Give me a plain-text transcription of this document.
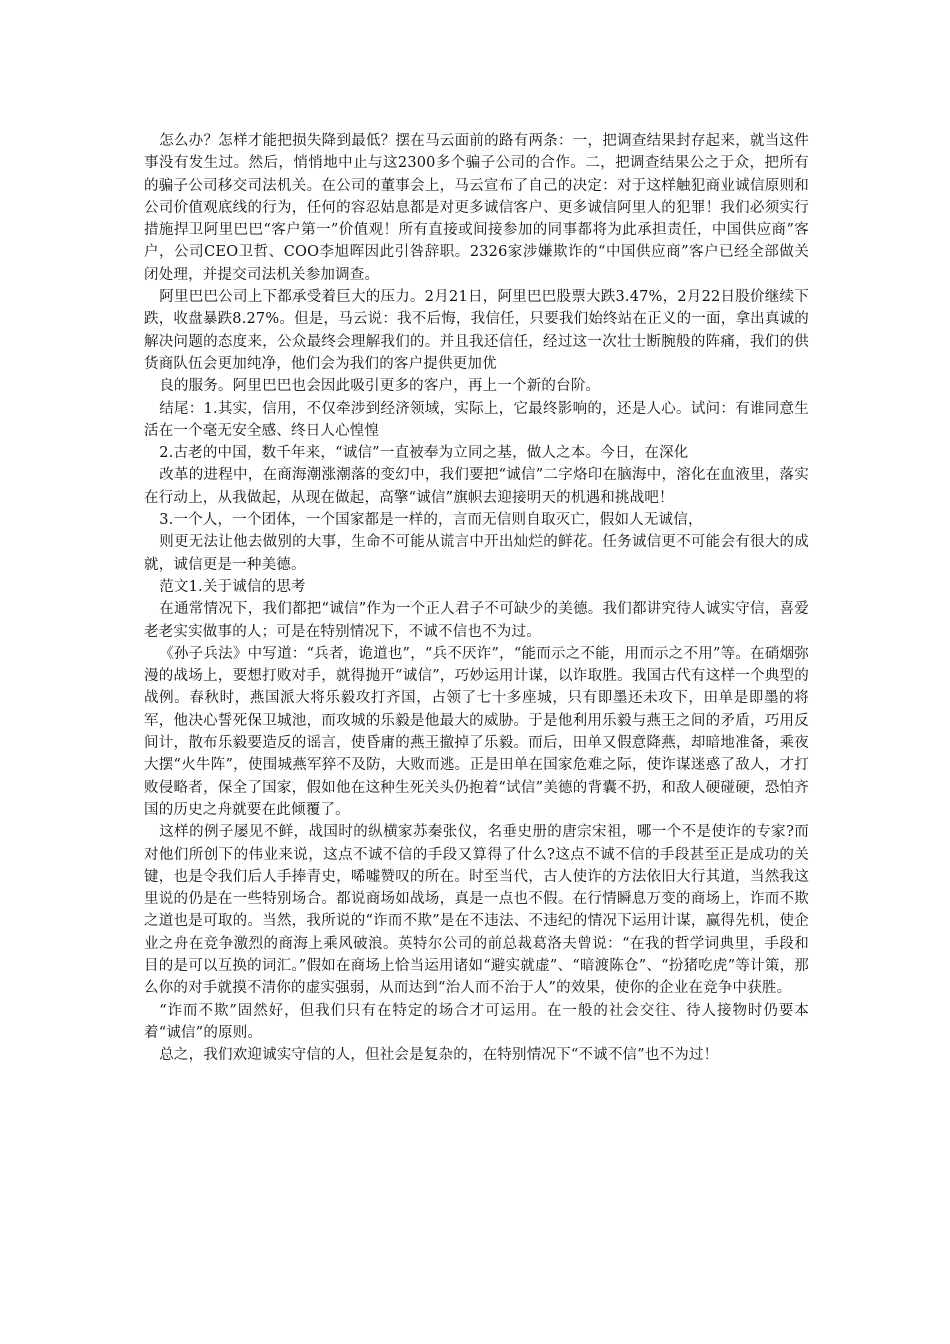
怎么办？怎样才能把损失降到最低？摆在马云面前的路有两条：一，把调查结果封存起来，就当这件事没有发生过。然后，悄悄地中止与这2300多个骗子公司的合作。二，把调查结果公之于众，把所有的骗子公司移交司法机关。在公司的董事会上，马云宣布了自己的决定：对于这样触犯商业诚信原则和公司价值观底线的行为，任何的容忍姑息都是对更多诚信客户、更多诚信阿里人的犯罪！我们必须实行措施捍卫阿里巴巴“客户第一”价值观！所有直接或间接参加的同事都将为此承担责任，中国供应商”客户，公司CEO卫哲、COO李旭晖因此引咎辞职。2326家涉嫌欺诈的“中国供应商”客户已经全部做关闭处理，并提交司法机关参加调查。

阿里巴巴公司上下都承受着巨大的压力。2月21日，阿里巴巴股票大跌3.47%，2月22日股价继续下跌，收盘暴跌8.27%。但是，马云说：我不后悔，我信任，只要我们始终站在正义的一面，拿出真诚的解决问题的态度来，公众最终会理解我们的。并且我还信任，经过这一次壮士断腕般的阵痛，我们的供货商队伍会更加纯净，他们会为我们的客户提供更加优

良的服务。阿里巴巴也会因此吸引更多的客户，再上一个新的台阶。

结尾：1.其实，信用，不仅牵涉到经济领域，实际上，它最终影响的，还是人心。试问：有谁同意生活在一个毫无安全感、终日人心惶惶

2.古老的中国，数千年来，“诚信”一直被奉为立同之基，做人之本。今日，在深化

改革的进程中，在商海潮涨潮落的变幻中，我们要把“诚信”二字烙印在脑海中，溶化在血液里，落实在行动上，从我做起，从现在做起，高擎“诚信”旗帜去迎接明天的机遇和挑战吧！

3.一个人，一个团体，一个国家都是一样的，言而无信则自取灭亡，假如人无诚信，

则更无法让他去做别的大事，生命不可能从谎言中开出灿烂的鲜花。任务诚信更不可能会有很大的成就，诚信更是一种美德。

范文1.关于诚信的思考

在通常情况下，我们都把“诚信”作为一个正人君子不可缺少的美德。我们都讲究待人诚实守信，喜爱老老实实做事的人；可是在特别情况下，不诚不信也不为过。

《孙子兵法》中写道：“兵者，诡道也”，“兵不厌诈”，“能而示之不能，用而示之不用”等。在硝烟弥漫的战场上，要想打败对手，就得抛开“诚信”，巧妙运用计谋，以诈取胜。我国古代有这样一个典型的战例。春秋时，燕国派大将乐毅攻打齐国，占领了七十多座城，只有即墨还未攻下，田单是即墨的将军，他决心誓死保卫城池，而攻城的乐毅是他最大的威胁。于是他利用乐毅与燕王之间的矛盾，巧用反间计，散布乐毅要造反的谣言，使昏庸的燕王撤掉了乐毅。而后，田单又假意降燕，却暗地准备，乘夜大摆“火牛阵”，使围城燕军猝不及防，大败而逃。正是田单在国家危难之际，使诈谋迷惑了敌人，才打败侵略者，保全了国家，假如他在这种生死关头仍抱着“试信”美德的背囊不扔，和敌人硬碰硬，恐怕齐国的历史之舟就要在此倾覆了。

这样的例子屡见不鲜，战国时的纵横家苏秦张仪，名垂史册的唐宗宋祖，哪一个不是使诈的专家?而对他们所创下的伟业来说，这点不诚不信的手段又算得了什么?这点不诚不信的手段甚至正是成功的关键，也是令我们后人手捧青史，唏嘘赞叹的所在。时至当代，古人使诈的方法依旧大行其道，当然我这里说的仍是在一些特别场合。都说商场如战场，真是一点也不假。在行情瞬息万变的商场上，诈而不欺之道也是可取的。当然，我所说的“诈而不欺”是在不违法、不违纪的情况下运用计谋，赢得先机，使企业之舟在竞争激烈的商海上乘风破浪。英特尔公司的前总裁葛洛夫曾说：“在我的哲学词典里，手段和目的是可以互换的词汇。”假如在商场上恰当运用诸如“避实就虚”、“暗渡陈仓”、“扮猪吃虎”等计策，那么你的对手就摸不清你的虚实强弱，从而达到“治人而不治于人”的效果，使你的企业在竞争中获胜。

“诈而不欺”固然好，但我们只有在特定的场合才可运用。在一般的社会交往、待人接物时仍要本着“诚信”的原则。

总之，我们欢迎诚实守信的人，但社会是复杂的，在特别情况下“不诚不信”也不为过！
